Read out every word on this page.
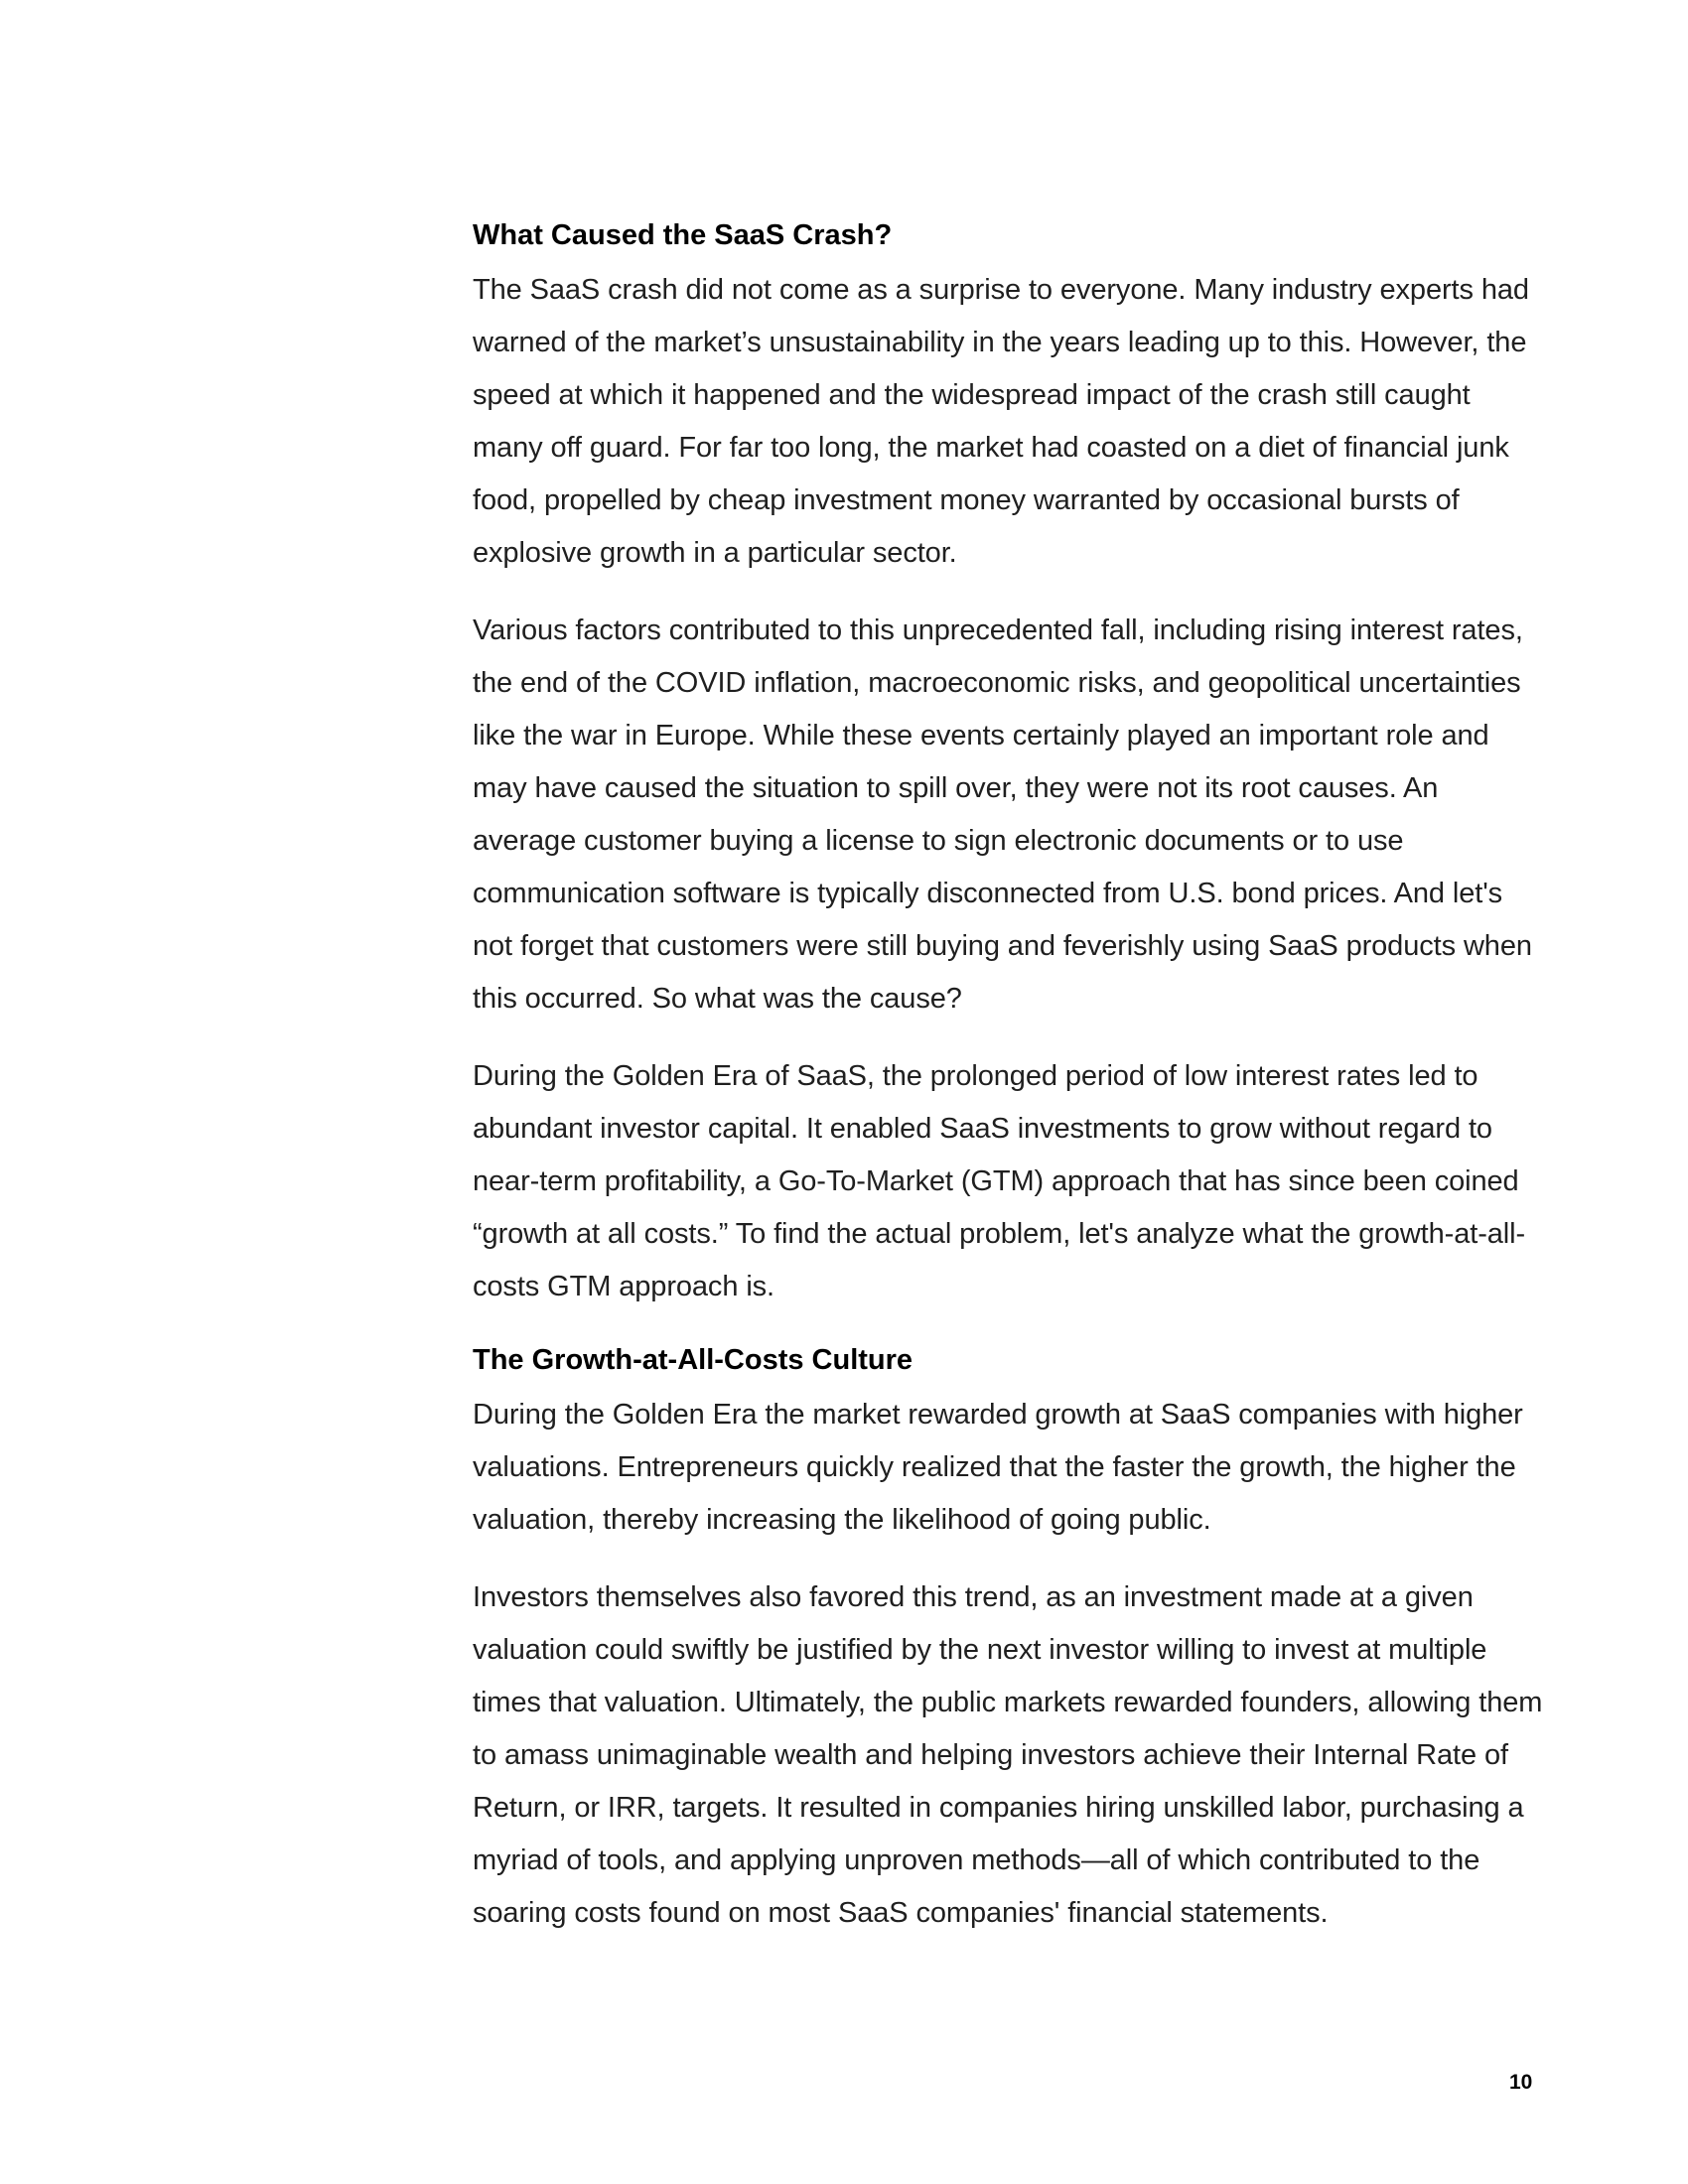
What Caused the SaaS Crash?

The SaaS crash did not come as a surprise to everyone. Many industry experts had warned of the market’s unsustainability in the years leading up to this. However, the speed at which it happened and the widespread impact of the crash still caught many off guard. For far too long, the market had coasted on a diet of financial junk food, propelled by cheap investment money warranted by occasional bursts of explosive growth in a particular sector.

Various factors contributed to this unprecedented fall, including rising interest rates, the end of the COVID inflation, macroeconomic risks, and geopolitical uncertainties like the war in Europe. While these events certainly played an important role and may have caused the situation to spill over, they were not its root causes. An average customer buying a license to sign electronic documents or to use communication software is typically disconnected from U.S. bond prices. And let's not forget that customers were still buying and feverishly using SaaS products when this occurred. So what was the cause?

During the Golden Era of SaaS, the prolonged period of low interest rates led to abundant investor capital. It enabled SaaS investments to grow without regard to near-term profitability, a Go-To-Market (GTM) approach that has since been coined “growth at all costs.” To find the actual problem, let's analyze what the growth-at-all-costs GTM approach is.

The Growth-at-All-Costs Culture

During the Golden Era the market rewarded growth at SaaS companies with higher valuations. Entrepreneurs quickly realized that the faster the growth, the higher the valuation, thereby increasing the likelihood of going public.

Investors themselves also favored this trend, as an investment made at a given valuation could swiftly be justified by the next investor willing to invest at multiple times that valuation. Ultimately, the public markets rewarded founders, allowing them to amass unimaginable wealth and helping investors achieve their Internal Rate of Return, or IRR, targets. It resulted in companies hiring unskilled labor, purchasing a myriad of tools, and applying unproven methods—all of which contributed to the soaring costs found on most SaaS companies' financial statements.

10
